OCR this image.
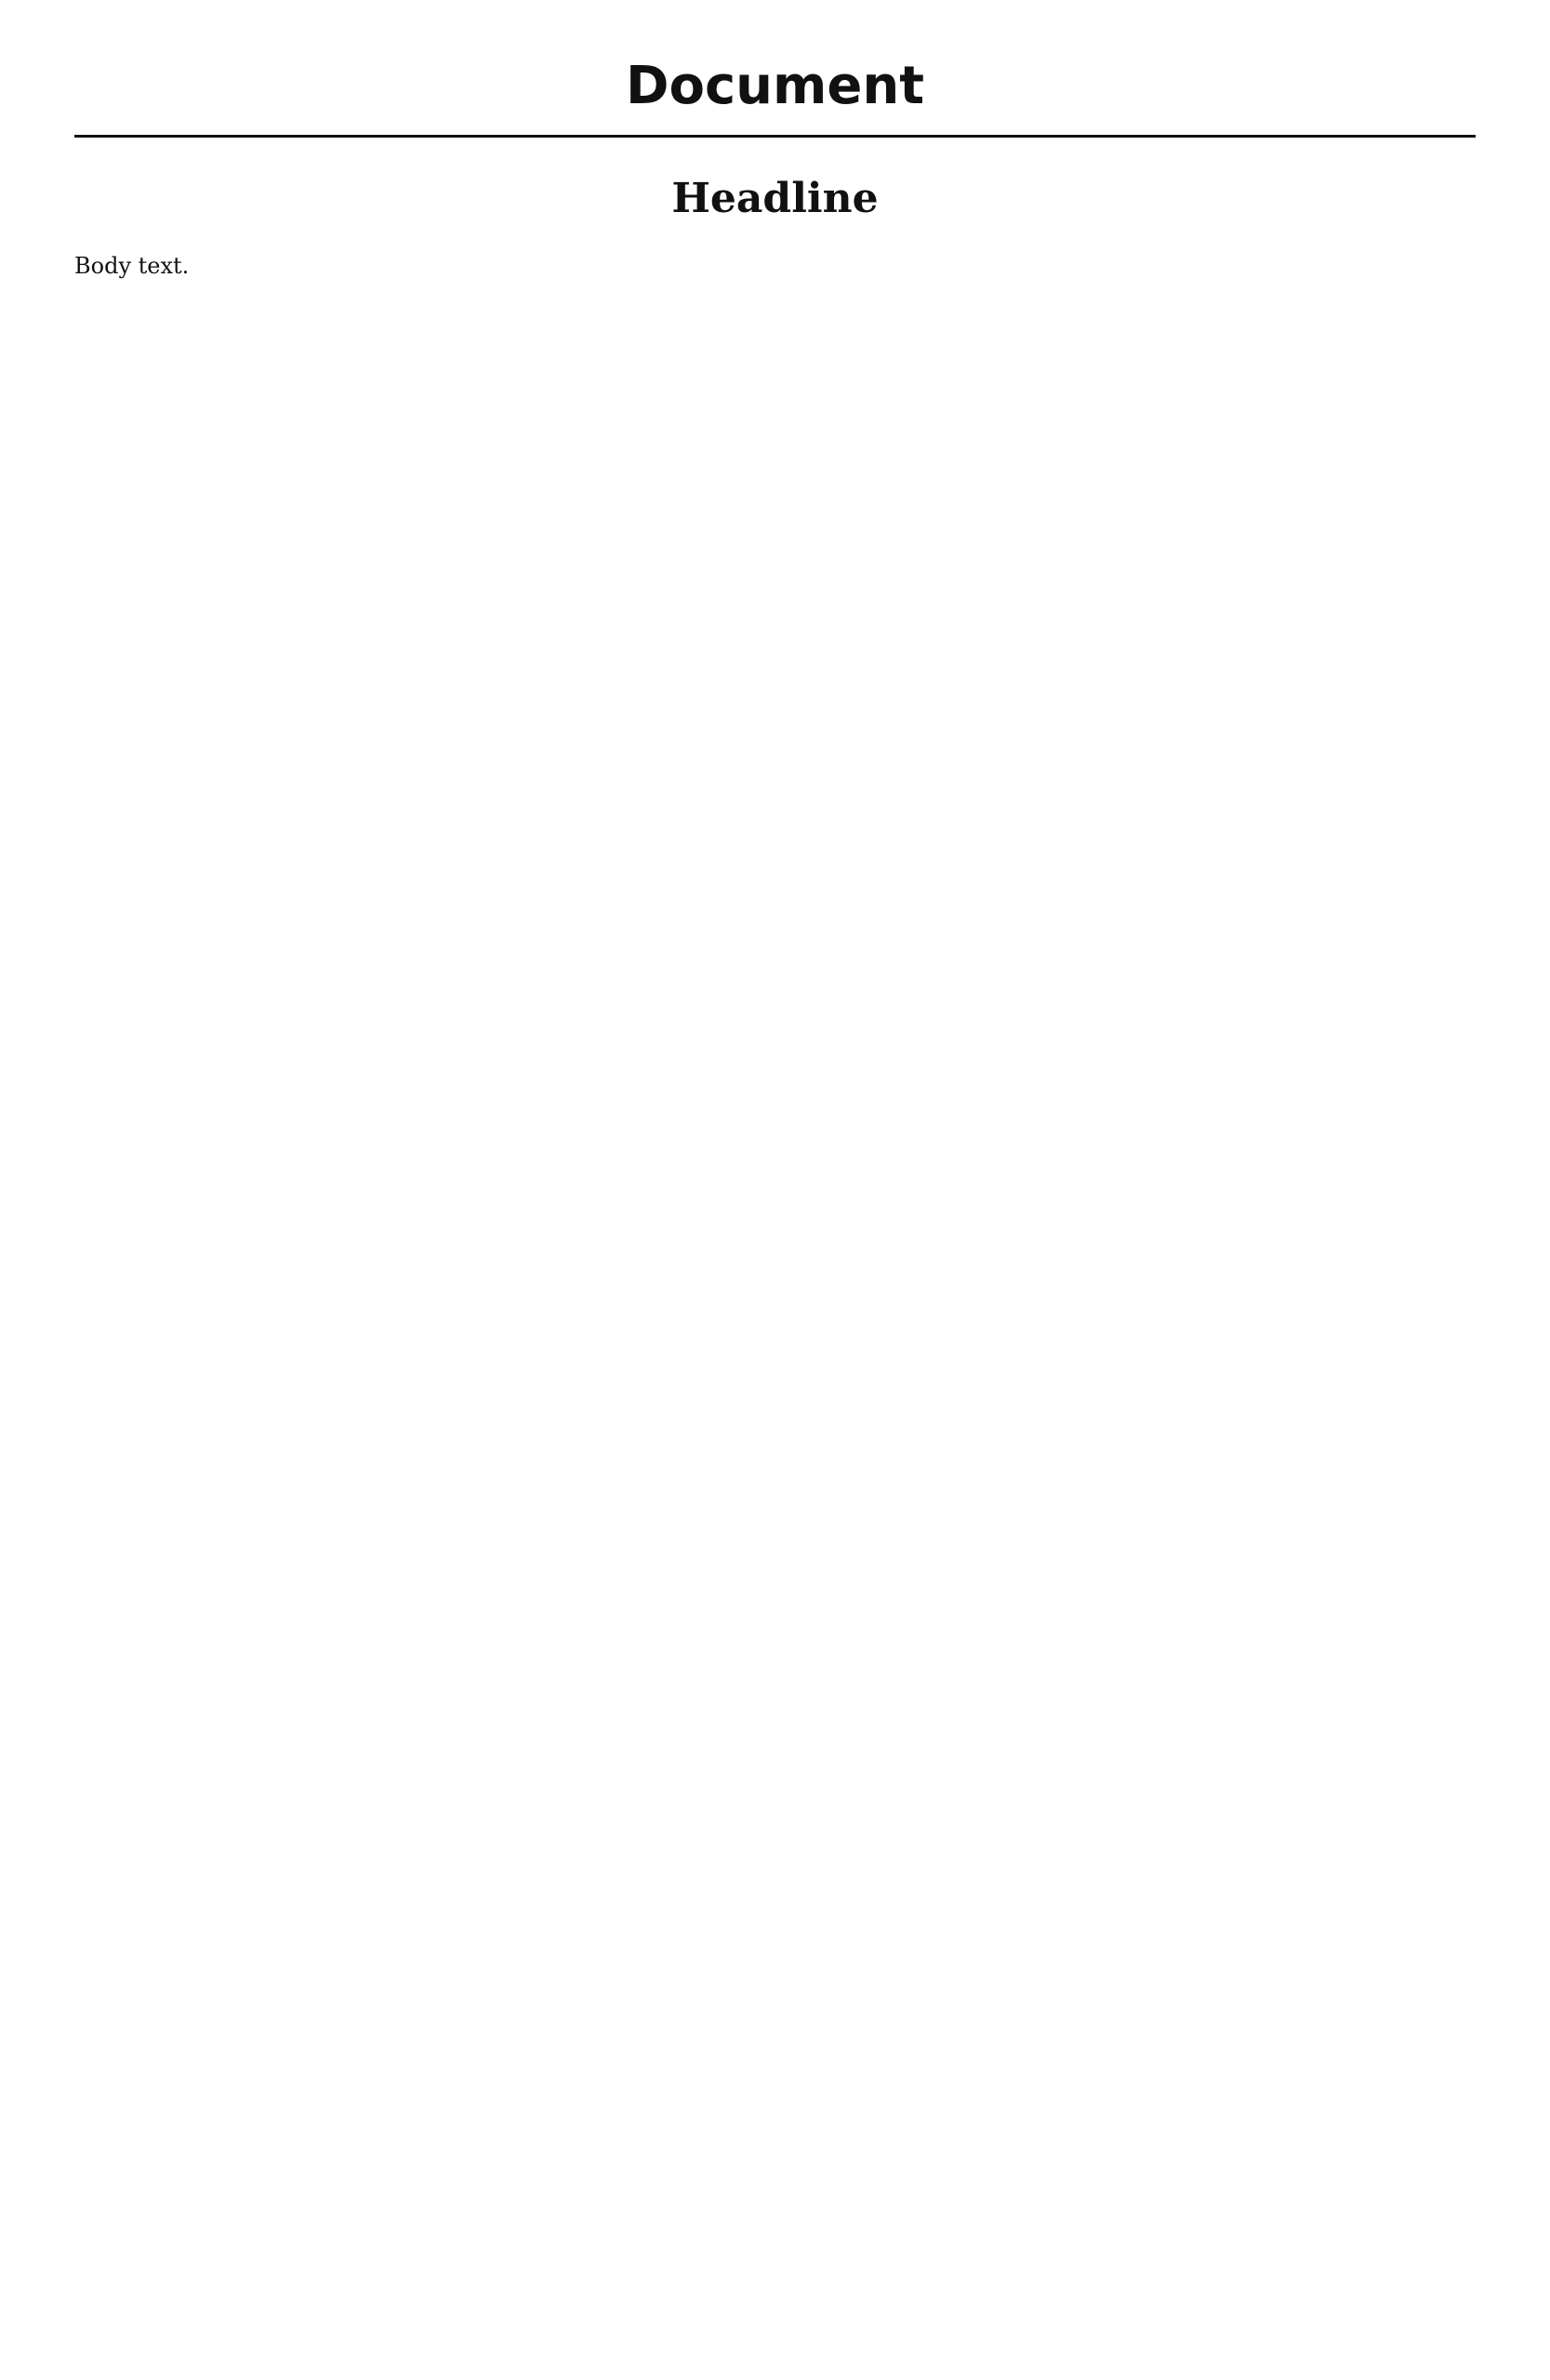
Document
Headline

Body text.
